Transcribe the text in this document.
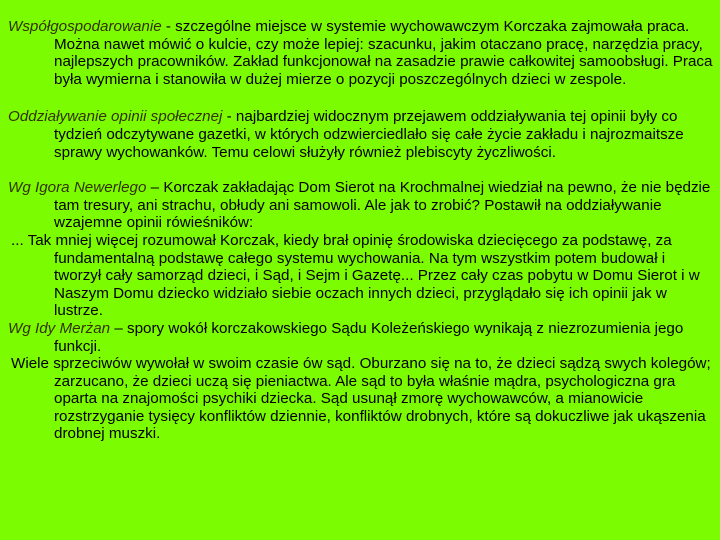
Współgospodarowanie - szczególne miejsce w systemie wychowawczym Korczaka zajmowała praca. Można nawet mówić o kulcie, czy może lepiej: szacunku, jakim otaczano pracę, narzędzia pracy, najlepszych pracowników. Zakład funkcjonował na zasadzie prawie całkowitej samoobsługi. Praca była wymierna i stanowiła w dużej mierze o pozycji poszczególnych dzieci w zespole.

Oddziaływanie opinii społecznej - najbardziej widocznym przejawem oddziaływania tej opinii były co tydzień odczytywane gazetki, w których odzwierciedlało się całe życie zakładu i najrozmaitsze sprawy wychowanków. Temu celowi służyły również plebiscyty życzliwości.

Wg Igora Newerlego – Korczak zakładając Dom Sierot na Krochmalnej wiedział na pewno, że nie będzie tam tresury, ani strachu, obłudy ani samowoli. Ale jak to zrobić? Postawił na oddziaływanie wzajemne opinii rówieśników:

... Tak mniej więcej rozumował Korczak, kiedy brał opinię środowiska dziecięcego za podstawę, za fundamentalną podstawę całego systemu wychowania. Na tym wszystkim potem budował i tworzył cały samorząd dzieci, i Sąd, i Sejm i Gazetę... Przez cały czas pobytu w Domu Sierot i w Naszym Domu dziecko widziało siebie oczach innych dzieci, przyglądało się ich opinii jak w lustrze.

Wg Idy Merżan – spory wokół korczakowskiego Sądu Koleżeńskiego wynikają z niezrozumienia jego funkcji.

Wiele sprzeciwów wywołał w swoim czasie ów sąd. Oburzano się na to, że dzieci sądzą swych kolegów; zarzucano, że dzieci uczą się pieniactwa. Ale sąd to była właśnie mądra, psychologiczna gra oparta na znajomości psychiki dziecka. Sąd usunął zmorę wychowawców, a mianowicie rozstrzyganie tysięcy konfliktów dziennie, konfliktów drobnych, które są dokuczliwe jak ukąszenia drobnej muszki.
